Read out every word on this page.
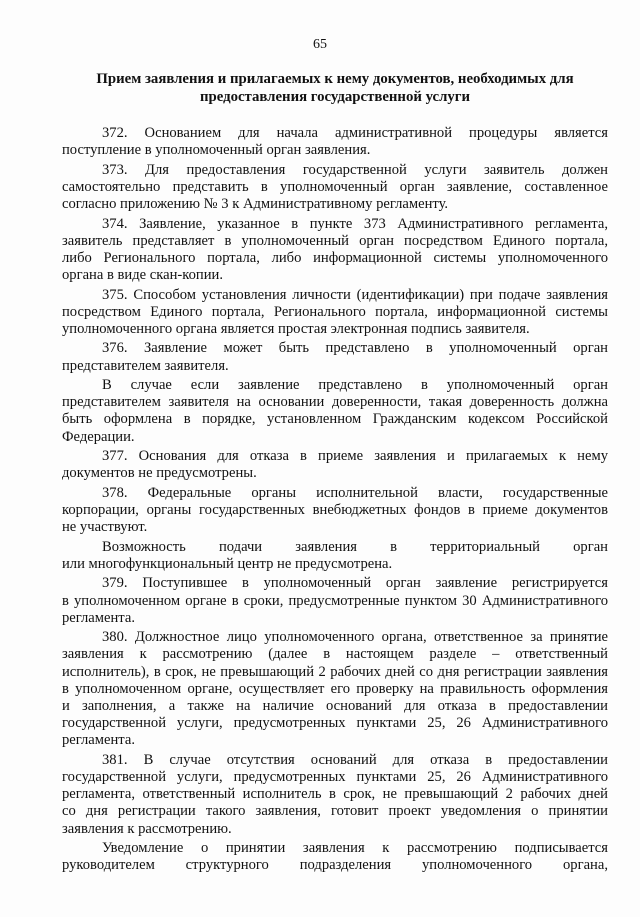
65
Прием заявления и прилагаемых к нему документов, необходимых для
предоставления государственной услуги
372. Основанием для начала административной процедуры является
поступление в уполномоченный орган заявления.
373. Для предоставления государственной услуги заявитель должен
самостоятельно представить в уполномоченный орган заявление, составленное
согласно приложению № 3 к Административному регламенту.
374. Заявление, указанное в пункте 373 Административного регламента,
заявитель представляет в уполномоченный орган посредством Единого портала,
либо Регионального портала, либо информационной системы уполномоченного
органа в виде скан-копии.
375. Способом установления личности (идентификации) при подаче заявления
посредством Единого портала, Регионального портала, информационной системы
уполномоченного органа является простая электронная подпись заявителя.
376. Заявление может быть представлено в уполномоченный орган
представителем заявителя.
В случае если заявление представлено в уполномоченный орган
представителем заявителя на основании доверенности, такая доверенность должна
быть оформлена в порядке, установленном Гражданским кодексом Российской
Федерации.
377. Основания для отказа в приеме заявления и прилагаемых к нему
документов не предусмотрены.
378. Федеральные органы исполнительной власти, государственные
корпорации, органы государственных внебюджетных фондов в приеме документов
не участвуют.
Возможность подачи заявления в территориальный орган
или многофункциональный центр не предусмотрена.
379. Поступившее в уполномоченный орган заявление регистрируется
в уполномоченном органе в сроки, предусмотренные пунктом 30 Административного
регламента.
380. Должностное лицо уполномоченного органа, ответственное за принятие
заявления к рассмотрению (далее в настоящем разделе – ответственный
исполнитель), в срок, не превышающий 2 рабочих дней со дня регистрации заявления
в уполномоченном органе, осуществляет его проверку на правильность оформления
и заполнения, а также на наличие оснований для отказа в предоставлении
государственной услуги, предусмотренных пунктами 25, 26 Административного
регламента.
381. В случае отсутствия оснований для отказа в предоставлении
государственной услуги, предусмотренных пунктами 25, 26 Административного
регламента, ответственный исполнитель в срок, не превышающий 2 рабочих дней
со дня регистрации такого заявления, готовит проект уведомления о принятии
заявления к рассмотрению.
Уведомление о принятии заявления к рассмотрению подписывается
руководителем структурного подразделения уполномоченного органа,
